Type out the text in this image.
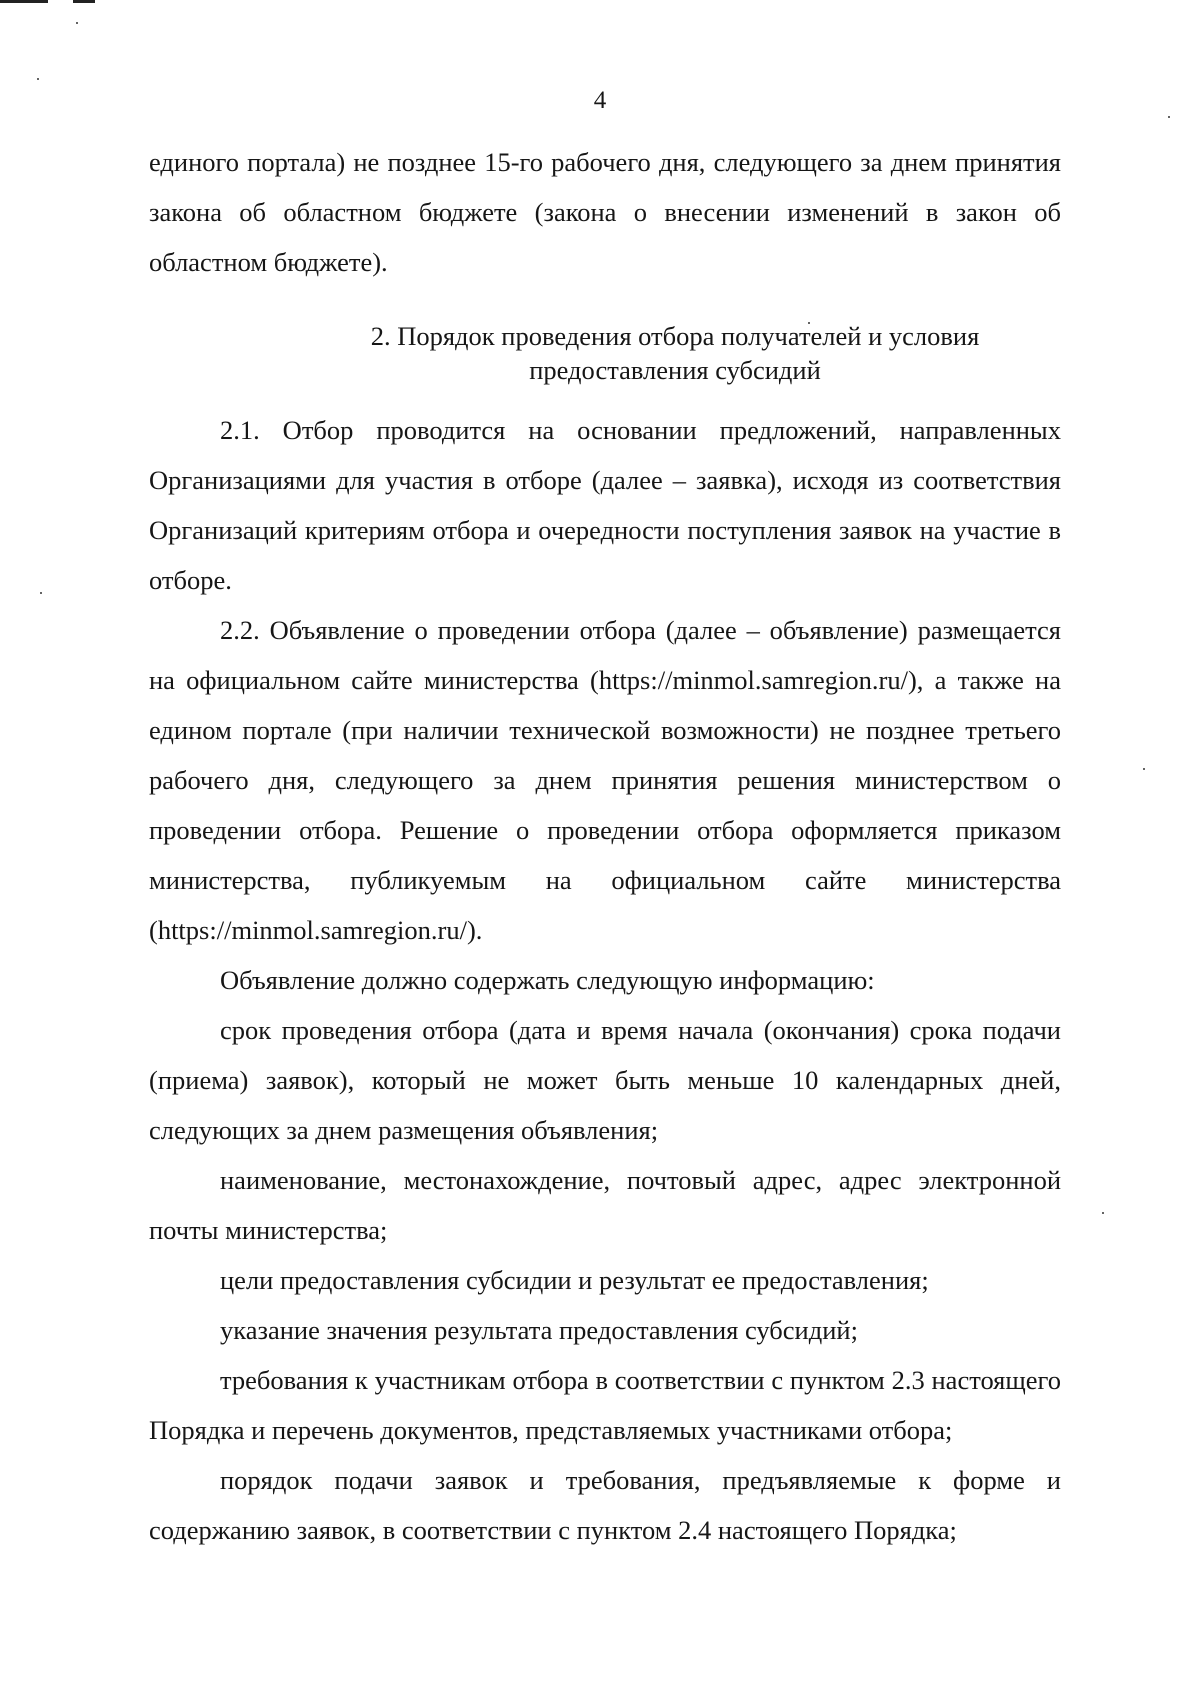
4

единого портала) не позднее 15-го рабочего дня, следующего за днем принятия закона об областном бюджете (закона о внесении изменений в закон об областном бюджете).

2. Порядок проведения отбора получателей и условия
предоставления субсидий

2.1. Отбор проводится на основании предложений, направленных Организациями для участия в отборе (далее – заявка), исходя из соответствия Организаций критериям отбора и очередности поступления заявок на участие в отборе.

2.2. Объявление о проведении отбора (далее – объявление) размещается на официальном сайте министерства (https://minmol.samregion.ru/), а также на едином портале (при наличии технической возможности) не позднее третьего рабочего дня, следующего за днем принятия решения министерством о проведении отбора. Решение о проведении отбора оформляется приказом министерства, публикуемым на официальном сайте министерства (https://minmol.samregion.ru/).

Объявление должно содержать следующую информацию:

срок проведения отбора (дата и время начала (окончания) срока подачи (приема) заявок), который не может быть меньше 10 календарных дней, следующих за днем размещения объявления;

наименование, местонахождение, почтовый адрес, адрес электронной почты министерства;

цели предоставления субсидии и результат ее предоставления;

указание значения результата предоставления субсидий;

требования к участникам отбора в соответствии с пунктом 2.3 настоящего Порядка и перечень документов, представляемых участниками отбора;

порядок подачи заявок и требования, предъявляемые к форме и содержанию заявок, в соответствии с пунктом 2.4 настоящего Порядка;
